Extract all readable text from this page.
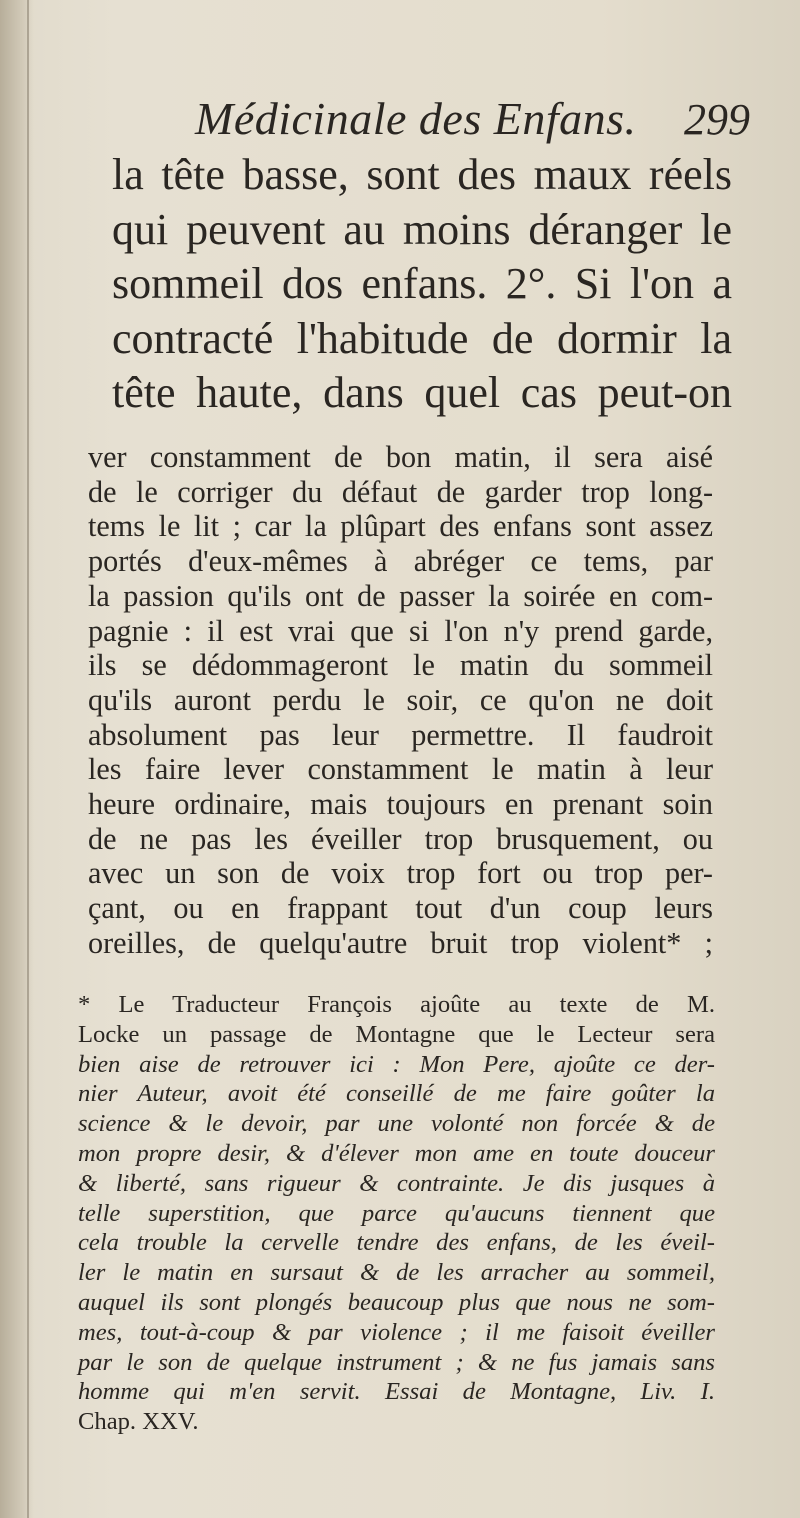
Médicinale des Enfans. 299
la tête basse, sont des maux réels
qui peuvent au moins déranger le
sommeil dos enfans. 2°. Si l'on a
contracté l'habitude de dormir la
tête haute, dans quel cas peut-on
ver constamment de bon matin, il sera aisé
de le corriger du défaut de garder trop long-
tems le lit ; car la plûpart des enfans sont assez
portés d'eux-mêmes à abréger ce tems, par
la passion qu'ils ont de passer la soirée en com-
pagnie : il est vrai que si l'on n'y prend garde,
ils se dédommageront le matin du sommeil
qu'ils auront perdu le soir, ce qu'on ne doit
absolument pas leur permettre. Il faudroit
les faire lever constamment le matin à leur
heure ordinaire, mais toujours en prenant soin
de ne pas les éveiller trop brusquement, ou
avec un son de voix trop fort ou trop per-
çant, ou en frappant tout d'un coup leurs
oreilles, de quelqu'autre bruit trop violent* ;
* Le Traducteur François ajoûte au texte de M.
Locke un passage de Montagne que le Lecteur sera
bien aise de retrouver ici : Mon Pere, ajoûte ce der-
nier Auteur, avoit été conseillé de me faire goûter la
science & le devoir, par une volonté non forcée & de
mon propre desir, & d'élever mon ame en toute douceur
& liberté, sans rigueur & contrainte. Je dis jusques à
telle superstition, que parce qu'aucuns tiennent que
cela trouble la cervelle tendre des enfans, de les éveil-
ler le matin en sursaut & de les arracher au sommeil,
auquel ils sont plongés beaucoup plus que nous ne som-
mes, tout-à-coup & par violence ; il me faisoit éveiller
par le son de quelque instrument ; & ne fus jamais sans
homme qui m'en servit. Essai de Montagne, Liv. I.
Chap. XXV.
